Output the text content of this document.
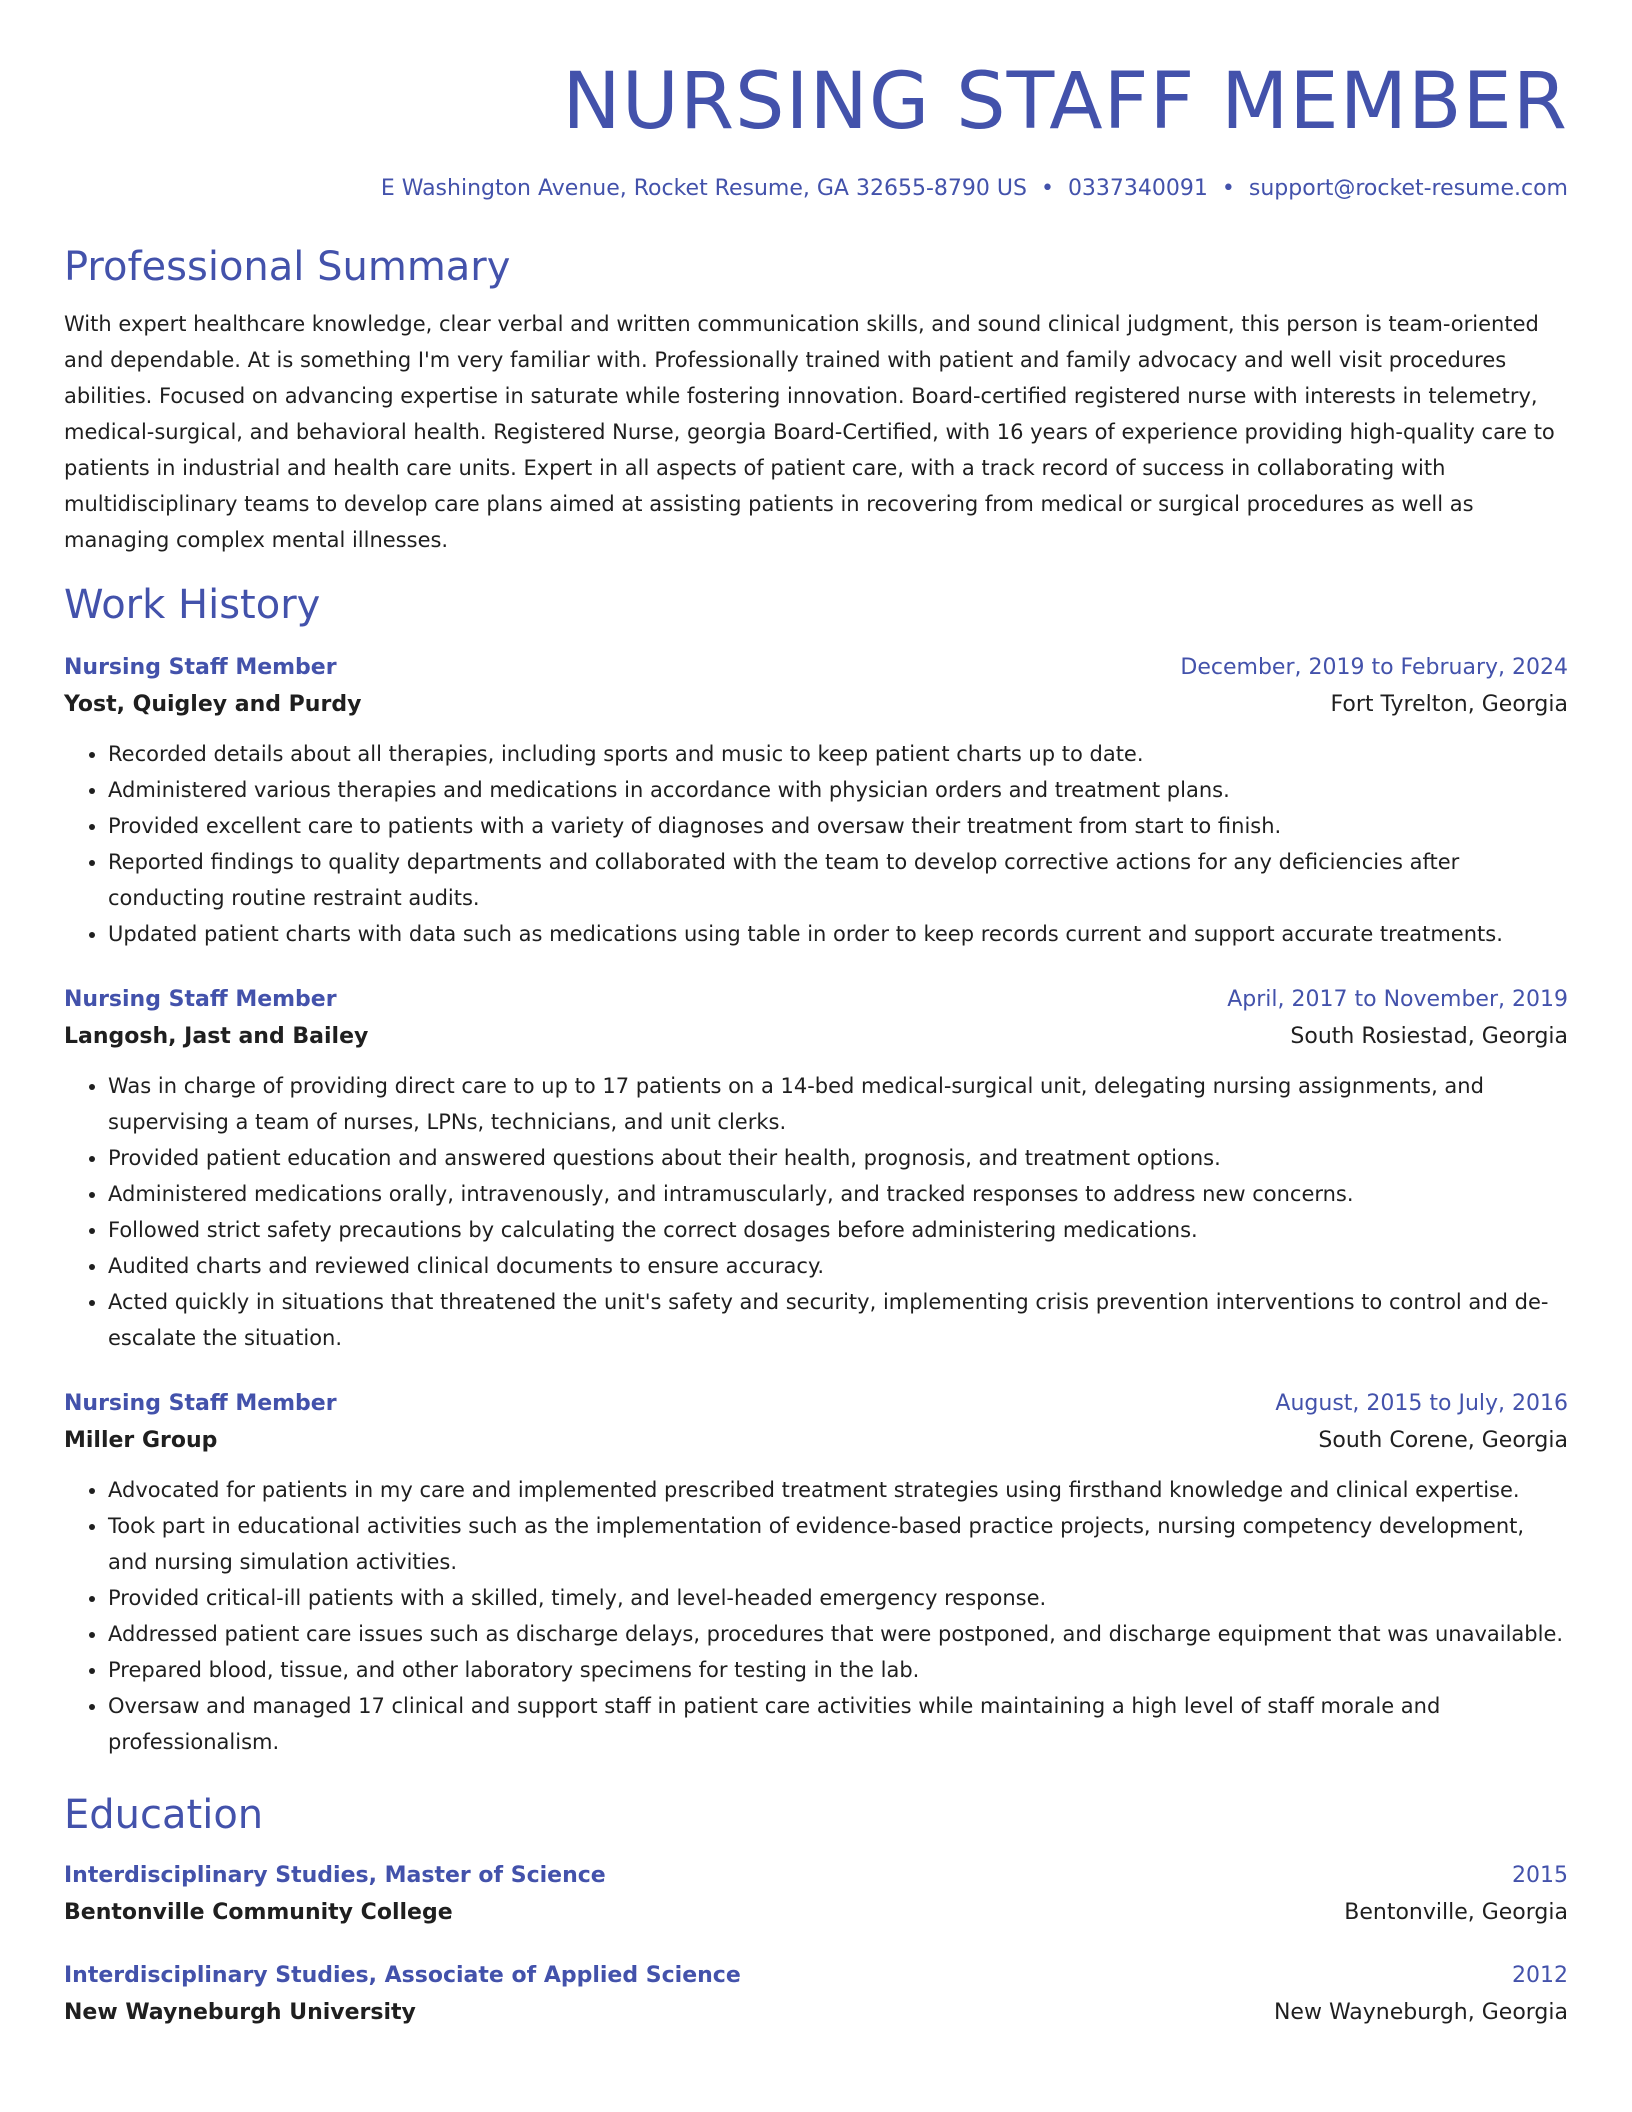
NURSING STAFF MEMBER
E Washington Avenue, Rocket Resume, GA 32655-8790 US • 0337340091 • support@rocket-resume.com
Professional Summary
With expert healthcare knowledge, clear verbal and written communication skills, and sound clinical judgment, this person is team-oriented and dependable. At is something I'm very familiar with. Professionally trained with patient and family advocacy and well visit procedures abilities. Focused on advancing expertise in saturate while fostering innovation. Board-certified registered nurse with interests in telemetry, medical-surgical, and behavioral health. Registered Nurse, georgia Board-Certified, with 16 years of experience providing high-quality care to patients in industrial and health care units. Expert in all aspects of patient care, with a track record of success in collaborating with multidisciplinary teams to develop care plans aimed at assisting patients in recovering from medical or surgical procedures as well as managing complex mental illnesses.
Work History
Nursing Staff Member	December, 2019 to February, 2024
Yost, Quigley and Purdy	Fort Tyrelton, Georgia
• Recorded details about all therapies, including sports and music to keep patient charts up to date.
• Administered various therapies and medications in accordance with physician orders and treatment plans.
• Provided excellent care to patients with a variety of diagnoses and oversaw their treatment from start to finish.
• Reported findings to quality departments and collaborated with the team to develop corrective actions for any deficiencies after conducting routine restraint audits.
• Updated patient charts with data such as medications using table in order to keep records current and support accurate treatments.
Nursing Staff Member	April, 2017 to November, 2019
Langosh, Jast and Bailey	South Rosiestad, Georgia
• Was in charge of providing direct care to up to 17 patients on a 14-bed medical-surgical unit, delegating nursing assignments, and supervising a team of nurses, LPNs, technicians, and unit clerks.
• Provided patient education and answered questions about their health, prognosis, and treatment options.
• Administered medications orally, intravenously, and intramuscularly, and tracked responses to address new concerns.
• Followed strict safety precautions by calculating the correct dosages before administering medications.
• Audited charts and reviewed clinical documents to ensure accuracy.
• Acted quickly in situations that threatened the unit's safety and security, implementing crisis prevention interventions to control and de-escalate the situation.
Nursing Staff Member	August, 2015 to July, 2016
Miller Group	South Corene, Georgia
• Advocated for patients in my care and implemented prescribed treatment strategies using firsthand knowledge and clinical expertise.
• Took part in educational activities such as the implementation of evidence-based practice projects, nursing competency development, and nursing simulation activities.
• Provided critical-ill patients with a skilled, timely, and level-headed emergency response.
• Addressed patient care issues such as discharge delays, procedures that were postponed, and discharge equipment that was unavailable.
• Prepared blood, tissue, and other laboratory specimens for testing in the lab.
• Oversaw and managed 17 clinical and support staff in patient care activities while maintaining a high level of staff morale and professionalism.
Education
Interdisciplinary Studies, Master of Science	2015
Bentonville Community College	Bentonville, Georgia
Interdisciplinary Studies, Associate of Applied Science	2012
New Wayneburgh University	New Wayneburgh, Georgia
